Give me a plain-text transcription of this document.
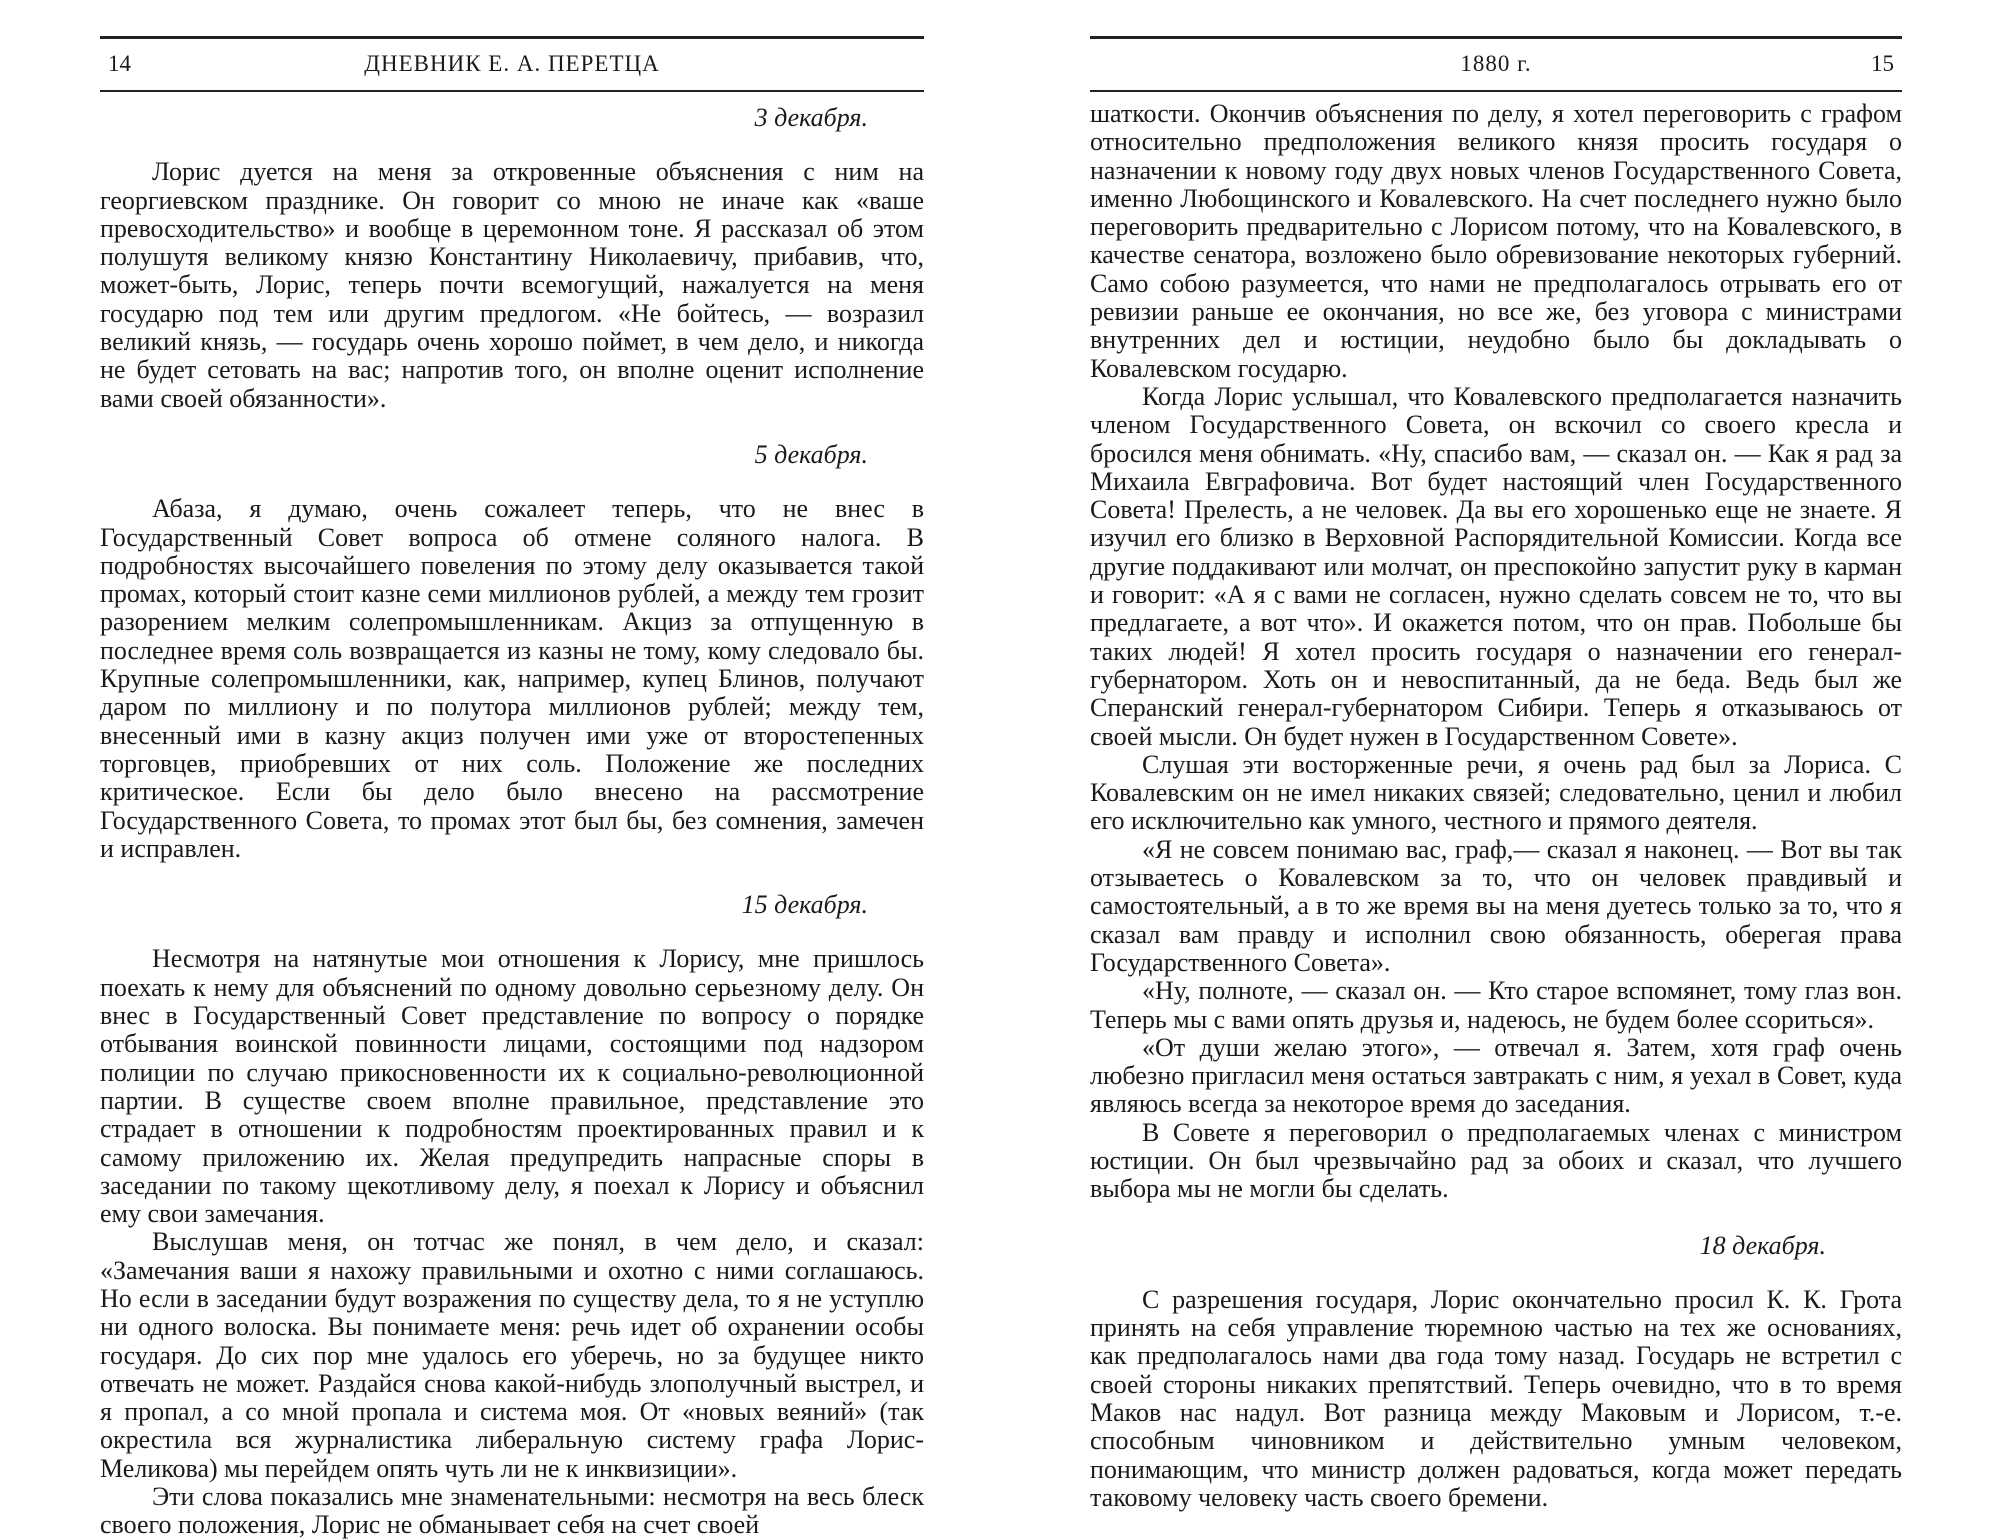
14	ДНЕВНИК Е. А. ПЕРЕТЦА
3 декабря.

Лорис дуется на меня за откровенные объяснения с ним на георгиевском празднике. Он говорит со мною не иначе как «ваше превосходительство» и вообще в церемонном тоне. Я рассказал об этом полушутя великому князю Константину Николаевичу, прибавив, что, может-быть, Лорис, теперь почти всемогущий, нажалуется на меня государю под тем или другим предлогом. «Не бойтесь, — возразил великий князь, — государь очень хорошо поймет, в чем дело, и никогда не будет сетовать на вас; напротив того, он вполне оценит исполнение вами своей обязанности».

5 декабря.

Абаза, я думаю, очень сожалеет теперь, что не внес в Государственный Совет вопроса об отмене соляного налога. В подробностях высочайшего повеления по этому делу оказывается такой промах, который стоит казне семи миллионов рублей, а между тем грозит разорением мелким солепромышленникам. Акциз за отпущенную в последнее время соль возвращается из казны не тому, кому следовало бы. Крупные солепромышленники, как, например, купец Блинов, получают даром по миллиону и по полутора миллионов рублей; между тем, внесенный ими в казну акциз получен ими уже от второстепенных торговцев, приобревших от них соль. Положение же последних критическое. Если бы дело было внесено на рассмотрение Государственного Совета, то промах этот был бы, без сомнения, замечен и исправлен.

15 декабря.

Несмотря на натянутые мои отношения к Лорису, мне пришлось поехать к нему для объяснений по одному довольно серьезному делу. Он внес в Государственный Совет представление по вопросу о порядке отбывания воинской повинности лицами, состоящими под надзором полиции по случаю прикосновенности их к социально-революционной партии. В существе своем вполне правильное, представление это страдает в отношении к подробностям проектированных правил и к самому приложению их. Желая предупредить напрасные споры в заседании по такому щекотливому делу, я поехал к Лорису и объяснил ему свои замечания.

Выслушав меня, он тотчас же понял, в чем дело, и сказал: «Замечания ваши я нахожу правильными и охотно с ними соглашаюсь. Но если в заседании будут возражения по существу дела, то я не уступлю ни одного волоска. Вы понимаете меня: речь идет об охранении особы государя. До сих пор мне удалось его уберечь, но за будущее никто отвечать не может. Раздайся снова какой-нибудь злополучный выстрел, и я пропал, а со мной пропала и система моя. От «новых веяний» (так окрестила вся журналистика либеральную систему графа Лорис-Меликова) мы перейдем опять чуть ли не к инквизиции».

Эти слова показались мне знаменательными: несмотря на весь блеск своего положения, Лорис не обманывает себя на счет своей

1880 г.	15

шаткости. Окончив объяснения по делу, я хотел переговорить с графом относительно предположения великого князя просить государя о назначении к новому году двух новых членов Государственного Совета, именно Любощинского и Ковалевского. На счет последнего нужно было переговорить предварительно с Лорисом потому, что на Ковалевского, в качестве сенатора, возложено было обревизование некоторых губерний. Само собою разумеется, что нами не предполагалось отрывать его от ревизии раньше ее окончания, но все же, без уговора с министрами внутренних дел и юстиции, неудобно было бы докладывать о Ковалевском государю.

Когда Лорис услышал, что Ковалевского предполагается назначить членом Государственного Совета, он вскочил со своего кресла и бросился меня обнимать. «Ну, спасибо вам, — сказал он. — Как я рад за Михаила Евграфовича. Вот будет настоящий член Государственного Совета! Прелесть, а не человек. Да вы его хорошенько еще не знаете. Я изучил его близко в Верховной Распорядительной Комиссии. Когда все другие поддакивают или молчат, он преспокойно запустит руку в карман и говорит: «А я с вами не согласен, нужно сделать совсем не то, что вы предлагаете, а вот что». И окажется потом, что он прав. Побольше бы таких людей! Я хотел просить государя о назначении его генерал-губернатором. Хоть он и невоспитанный, да не беда. Ведь был же Сперанский генерал-губернатором Сибири. Теперь я отказываюсь от своей мысли. Он будет нужен в Государственном Совете».

Слушая эти восторженные речи, я очень рад был за Лориса. С Ковалевским он не имел никаких связей; следовательно, ценил и любил его исключительно как умного, честного и прямого деятеля.

«Я не совсем понимаю вас, граф,— сказал я наконец. — Вот вы так отзываетесь о Ковалевском за то, что он человек правдивый и самостоятельный, а в то же время вы на меня дуетесь только за то, что я сказал вам правду и исполнил свою обязанность, оберегая права Государственного Совета».

«Ну, полноте, — сказал он. — Кто старое вспомянет, тому глаз вон. Теперь мы с вами опять друзья и, надеюсь, не будем более ссориться».

«От души желаю этого», — отвечал я. Затем, хотя граф очень любезно пригласил меня остаться завтракать с ним, я уехал в Совет, куда являюсь всегда за некоторое время до заседания.

В Совете я переговорил о предполагаемых членах с министром юстиции. Он был чрезвычайно рад за обоих и сказал, что лучшего выбора мы не могли бы сделать.

18 декабря.

С разрешения государя, Лорис окончательно просил К. К. Грота принять на себя управление тюремною частью на тех же основаниях, как предполагалось нами два года тому назад. Государь не встретил с своей стороны никаких препятствий. Теперь очевидно, что в то время Маков нас надул. Вот разница между Маковым и Лорисом, т.-е. способным чиновником и действительно умным человеком, понимающим, что министр должен радоваться, когда может передать таковому человеку часть своего бремени.
